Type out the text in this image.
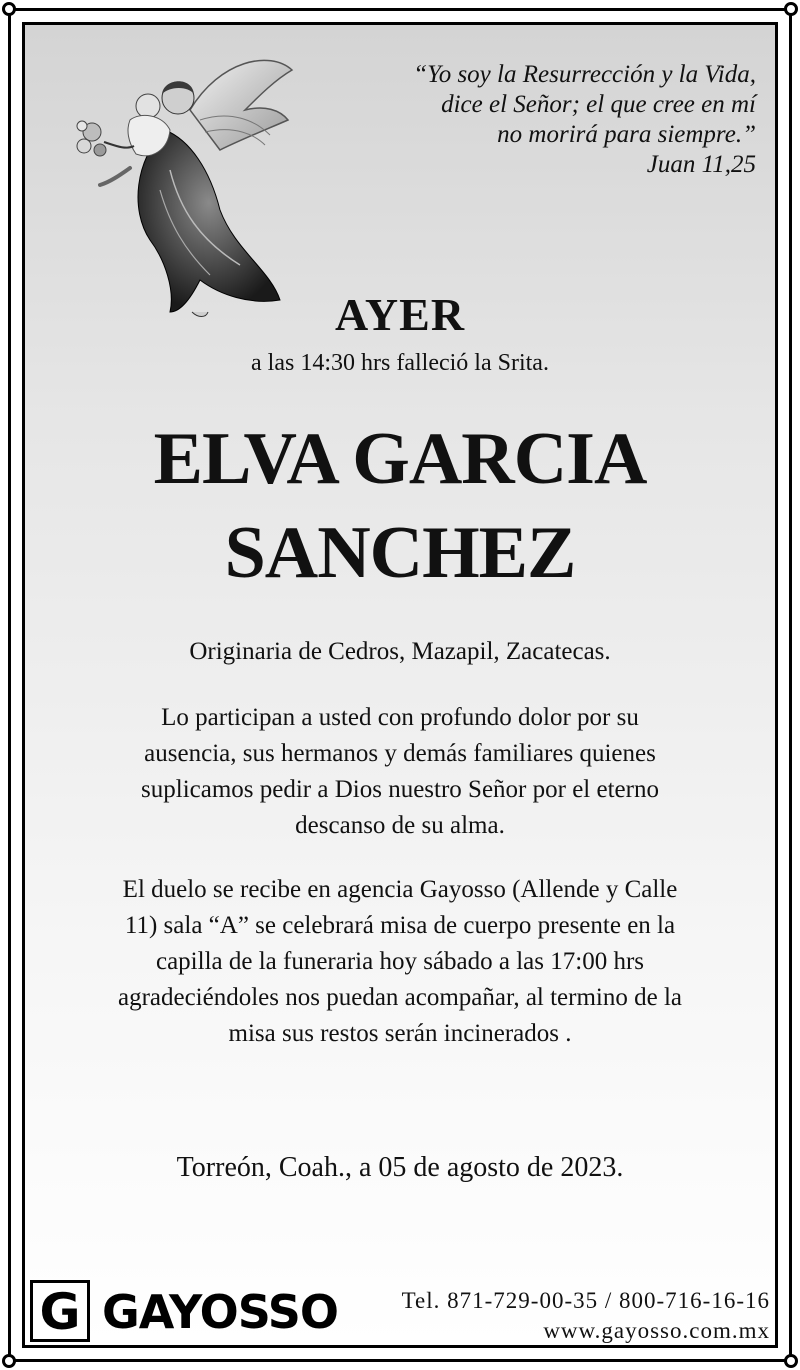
“Yo soy la Resurrección y la Vida,
dice el Señor; el que cree en mí
no morirá para siempre.”
Juan 11,25
AYER
a las 14:30 hrs falleció la Srita.
ELVA GARCIA
SANCHEZ
Originaria de Cedros, Mazapil, Zacatecas.
Lo participan a usted con profundo dolor por su
ausencia, sus hermanos y demás familiares quienes
suplicamos pedir a Dios nuestro Señor por el eterno
descanso de su alma.
El duelo se recibe en agencia Gayosso (Allende y Calle
11) sala “A” se celebrará misa de cuerpo presente en la
capilla de la funeraria hoy sábado a las 17:00 hrs
agradeciéndoles nos puedan acompañar, al termino de la
misa sus restos serán incinerados .
Torreón, Coah., a 05 de agosto de 2023.
G GAYOSSO	Tel. 871-729-00-35 / 800-716-16-16
www.gayosso.com.mx
